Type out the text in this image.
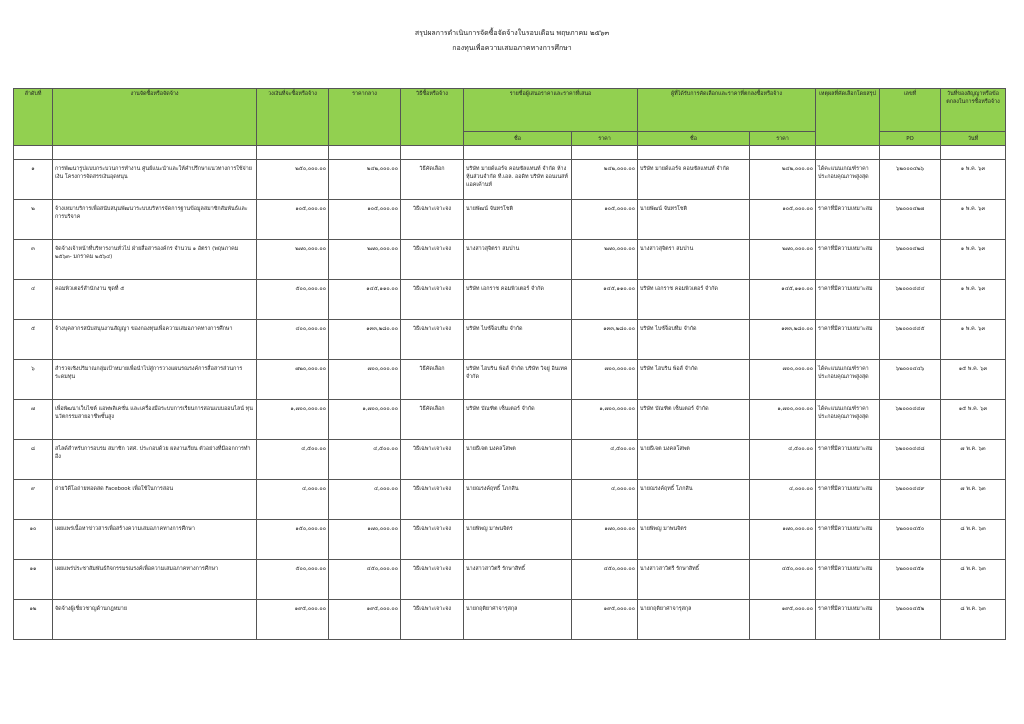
สรุปผลการดำเนินการจัดซื้อจัดจ้างในรอบเดือน พฤษภาคม ๒๕๖๓
กองทุนเพื่อความเสมอภาคทางการศึกษา
ลำดับที่	งานจัดซื้อหรือจัดจ้าง	วงเงินที่จะซื้อหรือจ้าง	ราคากลาง	วิธีซื้อหรือจ้าง	รายชื่อผู้เสนอราคาและราคาที่เสนอ		ผู้ที่ได้รับการคัดเลือกและราคาที่ตกลงซื้อหรือจ้าง		เหตุผลที่คัดเลือกโดยสรุป	เลขที่	วันที่ของสัญญาหรือข้อตกลงในการซื้อหรือจ้าง
					ชื่อ	ราคา	ชื่อ	ราคา		PO	วันที่

๑	การพัฒนารูปแบบกระบวนการทำงาน ศูนย์แนะนำและให้คำปรึกษาแนวทางการใช้จ่ายเงิน โครงการจัดสรรเงินอุดหนุน	๒๕๐,๐๐๐.๐๐	๒๔๒,๐๐๐.๐๐	วิธีคัดเลือก	บริษัท มายด์แอร์จ คอนซัลแทนท์ จำกัด ห้างหุ้นส่วนจำกัด ที.เอล. ออดิท บริษัท ออนเนสท์ แอคเค้านท์	๒๔๒,๐๐๐.๐๐	บริษัท มายด์แอร์จ คอนซัลแทนท์ จำกัด	๒๔๒,๐๐๐.๐๐	ได้คะแนนเกณฑ์ราคาประกอบคุณภาพสูงสุด	๖๒๐๐๐๔๒๖	๑ พ.ค. ๖๓
๒	จ้างเหมาบริการเพื่อสนับสนุนพัฒนาระบบบริหารจัดการฐานข้อมูลสมาชิกสัมพันธ์และการบริจาค	๑๐๕,๐๐๐.๐๐	๑๐๕,๐๐๐.๐๐	วิธีเฉพาะเจาะจง	นายพัฒน์ จันทรโชติ	๑๐๕,๐๐๐.๐๐	นายพัฒน์ จันทรโชติ	๑๐๕,๐๐๐.๐๐	ราคาที่มีความเหมาะสม	๖๒๐๐๐๔๒๗	๑ พ.ค. ๖๓
๓	จัดจ้างเจ้าหน้าที่บริหารงานทั่วไป ฝ่ายสื่อสารองค์กร จำนวน ๑ อัตรา (พฤษภาคม ๒๕๖๓- มกราคม ๒๕๖๔)	๒๗๐,๐๐๐.๐๐	๒๗๐,๐๐๐.๐๐	วิธีเฉพาะเจาะจง	นางสาวสุจิตรา สมปาน	๒๗๐,๐๐๐.๐๐	นางสาวสุจิตรา สมปาน	๒๗๐,๐๐๐.๐๐	ราคาที่มีความเหมาะสม	๖๒๐๐๐๔๒๘	๑ พ.ค. ๖๓
๔	คอมพิวเตอร์สำนักงาน ชุดที่ ๕	๕๐๐,๐๐๐.๐๐	๑๔๕,๑๑๐.๐๐	วิธีเฉพาะเจาะจง	บริษัท เอกราช คอมพิวเตอร์ จำกัด	๑๔๕,๑๑๐.๐๐	บริษัท เอกราช คอมพิวเตอร์ จำกัด	๑๔๕,๑๑๐.๐๐	ราคาที่มีความเหมาะสม	๖๒๐๐๐๔๔๔	๑ พ.ค. ๖๓
๕	จ้างบุคลากรสนับสนุนงานสัญญา ของกองทุนเพื่อความเสมอภาคทางการศึกษา	๔๐๐,๐๐๐.๐๐	๑๓๓,๒๘๐.๐๐	วิธีเฉพาะเจาะจง	บริษัท ไบซ์จ็อบทีม จำกัด	๑๓๓,๒๘๐.๐๐	บริษัท ไบซ์จ็อบทีม จำกัด	๑๓๓,๒๘๐.๐๐	ราคาที่มีความเหมาะสม	๖๒๐๐๐๔๔๕	๑ พ.ค. ๖๓
๖	สำรวจเชิงปริมาณกลุ่มเป้าหมายเพื่อนำไปสู่การวางแผนรณรงค์การสื่อสารส่วนการระดมทุน	๗๒๐,๐๐๐.๐๐	๗๐๐,๐๐๐.๐๐	วิธีคัดเลือก	บริษัท ไฮบริน พ้อส์ จำกัด บริษัท วิจยู่ อินเทค จำกัด	๗๐๐,๐๐๐.๐๐	บริษัท ไฮบริน พ้อส์ จำกัด	๗๐๐,๐๐๐.๐๐	ได้คะแนนเกณฑ์ราคาประกอบคุณภาพสูงสุด	๖๒๐๐๐๔๔๖	๑๕ พ.ค. ๖๓
๗	เพื่อพัฒนาเว็บไซต์ แอพพลิเคชั่น และเครื่องมือระบบการเรียนการสอนแบบออนไลน์ ทุนนวัตกรรมสายอาชีพชั้นสูง	๑,๗๐๐,๐๐๐.๐๐	๑,๗๐๐,๐๐๐.๐๐	วิธีคัดเลือก	บริษัท บัณฑิต เซ็นเตอร์ จำกัด	๑,๗๐๐,๐๐๐.๐๐	บริษัท บัณฑิต เซ็นเตอร์ จำกัด	๑,๗๐๐,๐๐๐.๐๐	ได้คะแนนเกณฑ์ราคาประกอบคุณภาพสูงสุด	๖๒๐๐๐๔๔๗	๑๕ พ.ค. ๖๓
๘	สไลด์สำหรับการอบรม สมาชิก วสศ. ประกอบด้วย ผลงานเรียน ตัวอย่างที่มีออกการทำอีง	๔,๕๐๐.๐๐	๔,๕๐๐.๐๐	วิธีเฉพาะเจาะจง	นายธีเจต มงคลโสพต	๔,๕๐๐.๐๐	นายธีเจต มงคลโสพต	๔,๕๐๐.๐๐	ราคาที่มีความเหมาะสม	๖๒๐๐๐๔๔๘	๗ พ.ค. ๖๓
๙	ถ่ายวิดีโอถ่ายทอดสด Facebook เพื่อใช้ในการสอน	๔,๐๐๐.๐๐	๔,๐๐๐.๐๐	วิธีเฉพาะเจาะจง	นายณรงค์ฤทธิ์ โภกสิน	๔,๐๐๐.๐๐	นายณรงค์ฤทธิ์ โภกสิน	๔,๐๐๐.๐๐	ราคาที่มีความเหมาะสม	๖๒๐๐๐๔๔๙	๗ พ.ค. ๖๓
๑๐	เผยแพร่เนื้อหาข่าวสารเพื่อสร้างความเสมอภาคทางการศึกษา	๑๕๐,๐๐๐.๐๐	๑๗๐,๐๐๐.๐๐	วิธีเฉพาะเจาะจง	นายพิพญ มาพนจิตร	๑๗๐,๐๐๐.๐๐	นายพิพญ มาพนจิตร	๑๗๐,๐๐๐.๐๐	ราคาที่มีความเหมาะสม	๖๒๐๐๐๔๕๐	๘ พ.ค. ๖๓
๑๑	เผยแพร่ประชาสัมพันธ์กิจกรรมรณรงค์เพื่อความเสมอภาคทางการศึกษา	๕๐๐,๐๐๐.๐๐	๔๕๐,๐๐๐.๐๐	วิธีเฉพาะเจาะจง	นางสาวสาวิตรี รักษาสิทธิ์	๔๕๐,๐๐๐.๐๐	นางสาวสาวิตรี รักษาสิทธิ์	๔๕๐,๐๐๐.๐๐	ราคาที่มีความเหมาะสม	๖๒๐๐๐๔๕๑	๘ พ.ค. ๖๓
๑๒	จัดจ้างผู้เชี่ยวชาญด้านกฎหมาย	๑๙๕,๐๐๐.๐๐	๑๙๕,๐๐๐.๐๐	วิธีเฉพาะเจาะจง	นายกฤติยาศาจารุสกุล	๑๙๕,๐๐๐.๐๐	นายกฤติยาศาจารุสกุล	๑๙๕,๐๐๐.๐๐	ราคาที่มีความเหมาะสม	๖๒๐๐๐๔๕๒	๘ พ.ค. ๖๓
